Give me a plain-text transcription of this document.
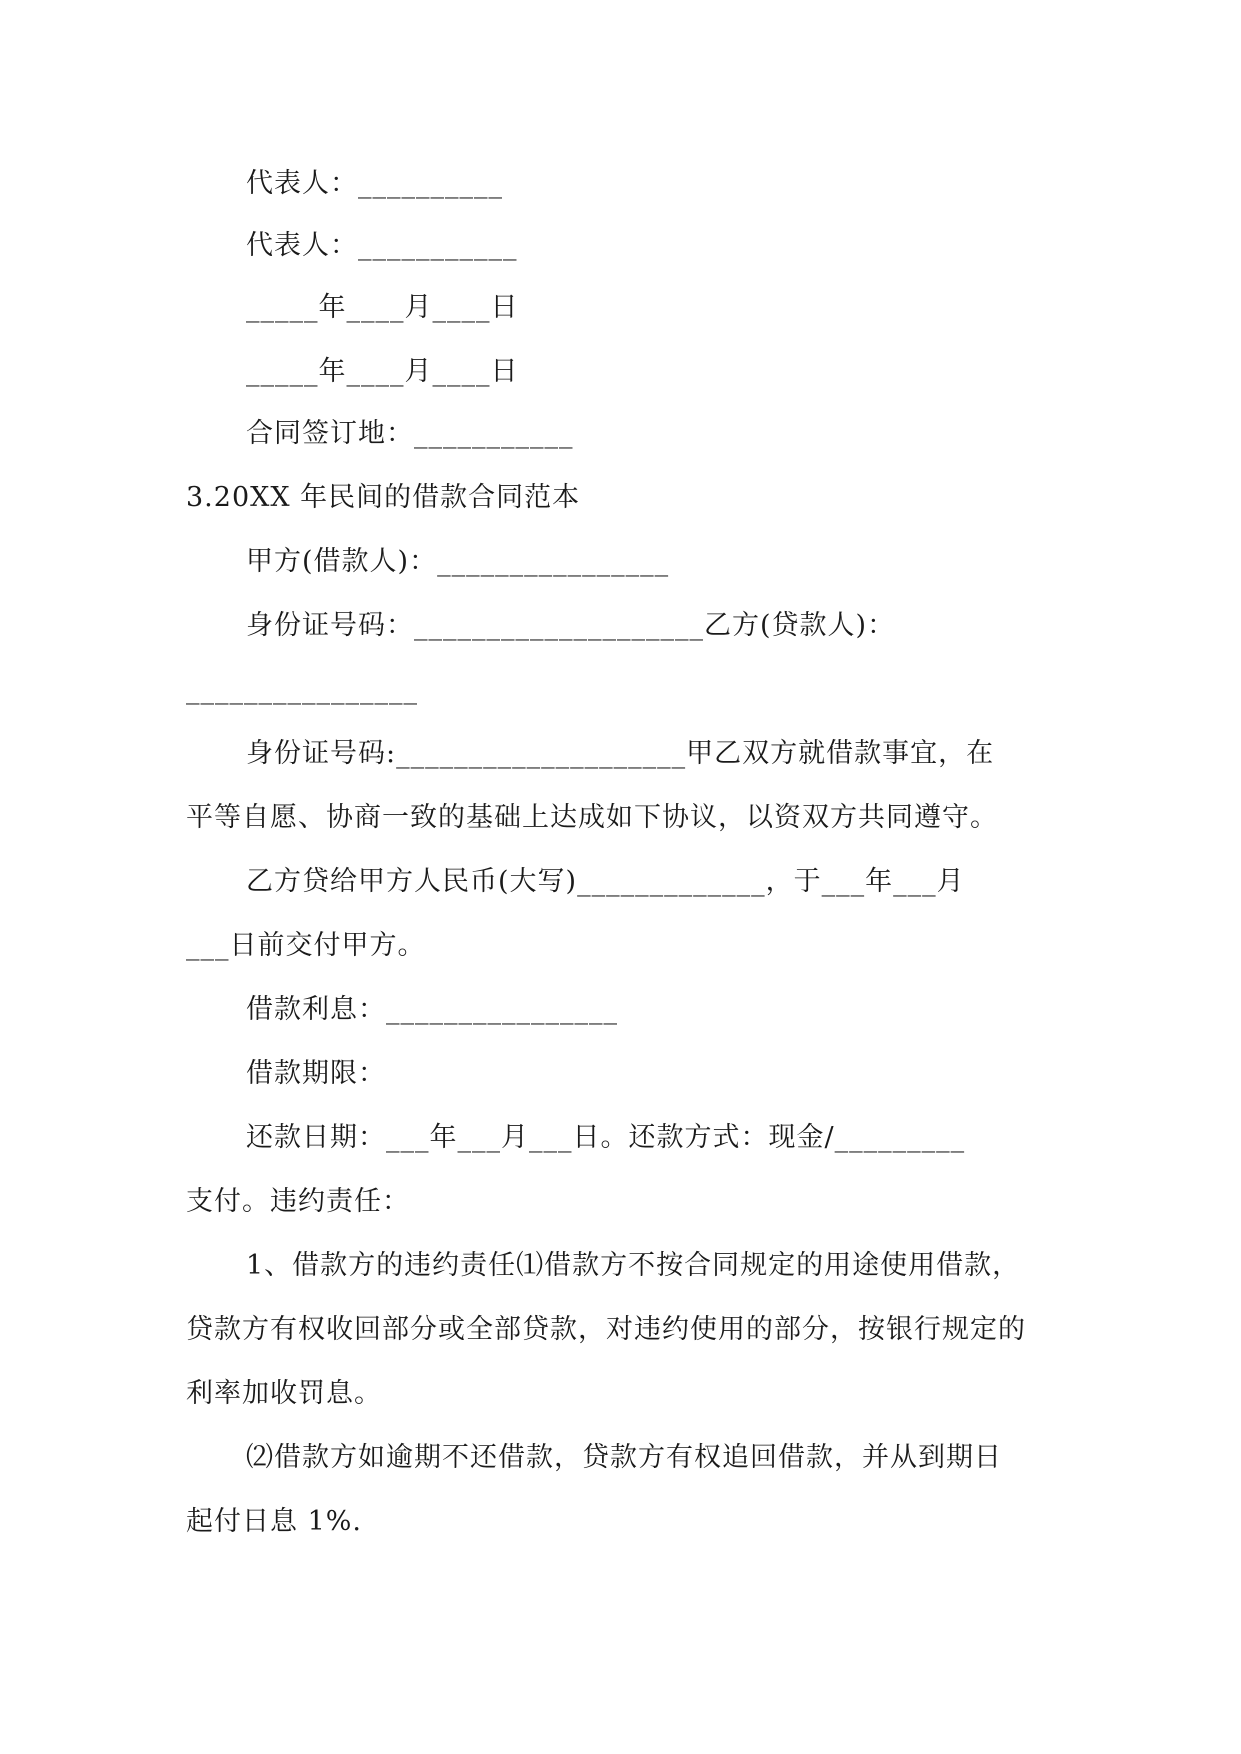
代表人：__________
代表人：___________
_____年____月____日
_____年____月____日
合同签订地：___________
3.20XX 年民间的借款合同范本
甲方(借款人)：________________
身份证号码：____________________乙方(贷款人)：
________________
身份证号码:____________________甲乙双方就借款事宜，在
平等自愿、协商一致的基础上达成如下协议，以资双方共同遵守。
乙方贷给甲方人民币(大写)_____________，于___年___月
___日前交付甲方。
借款利息：________________
借款期限：
还款日期：___年___月___日。还款方式：现金/_________
支付。违约责任：
1、借款方的违约责任⑴借款方不按合同规定的用途使用借款，
贷款方有权收回部分或全部贷款，对违约使用的部分，按银行规定的
利率加收罚息。
⑵借款方如逾期不还借款，贷款方有权追回借款，并从到期日
起付日息 1%.
